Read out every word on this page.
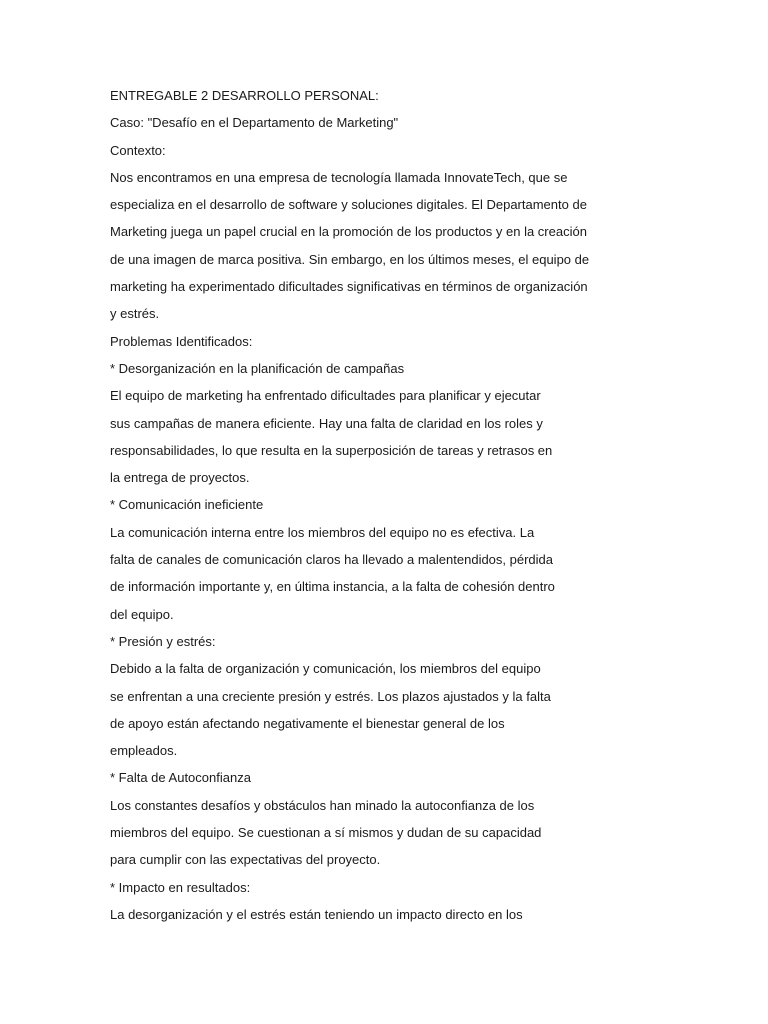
ENTREGABLE 2 DESARROLLO PERSONAL:
Caso: "Desafío en el Departamento de Marketing"
Contexto:
Nos encontramos en una empresa de tecnología llamada InnovateTech, que se
especializa en el desarrollo de software y soluciones digitales. El Departamento de
Marketing juega un papel crucial en la promoción de los productos y en la creación
de una imagen de marca positiva. Sin embargo, en los últimos meses, el equipo de
marketing ha experimentado dificultades significativas en términos de organización
y estrés.
Problemas Identificados:
* Desorganización en la planificación de campañas
El equipo de marketing ha enfrentado dificultades para planificar y ejecutar
sus campañas de manera eficiente. Hay una falta de claridad en los roles y
responsabilidades, lo que resulta en la superposición de tareas y retrasos en
la entrega de proyectos.
* Comunicación ineficiente
La comunicación interna entre los miembros del equipo no es efectiva. La
falta de canales de comunicación claros ha llevado a malentendidos, pérdida
de información importante y, en última instancia, a la falta de cohesión dentro
del equipo.
* Presión y estrés:
Debido a la falta de organización y comunicación, los miembros del equipo
se enfrentan a una creciente presión y estrés. Los plazos ajustados y la falta
de apoyo están afectando negativamente el bienestar general de los
empleados.
* Falta de Autoconfianza
Los constantes desafíos y obstáculos han minado la autoconfianza de los
miembros del equipo. Se cuestionan a sí mismos y dudan de su capacidad
para cumplir con las expectativas del proyecto.
* Impacto en resultados:
La desorganización y el estrés están teniendo un impacto directo en los
